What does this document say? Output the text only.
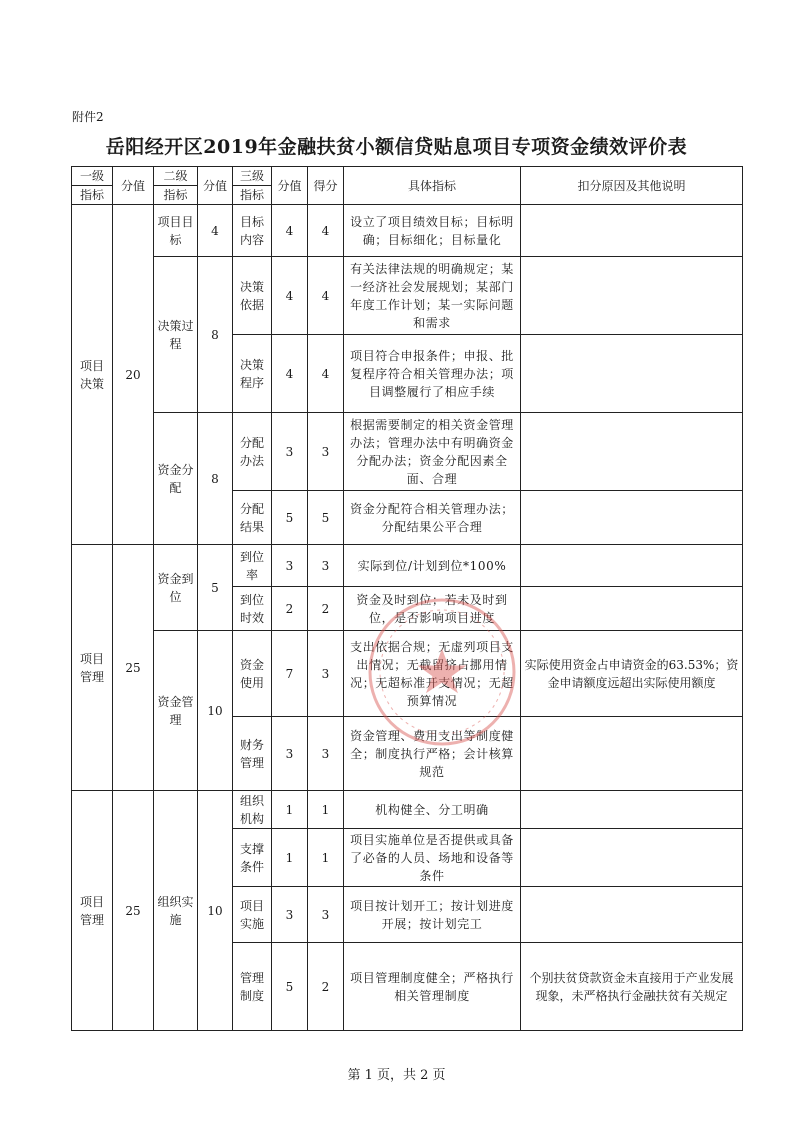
附件2
岳阳经开区2019年金融扶贫小额信贷贴息项目专项资金绩效评价表
一级	分值	二级	分值	三级	分值	得分	具体指标	扣分原因及其他说明
指标		指标		指标				
项目决策	20	项目目标	4	目标内容	4	4	设立了项目绩效目标；目标明确；目标细化；目标量化	
		决策过程	8	决策依据	4	4	有关法律法规的明确规定；某一经济社会发展规划；某部门年度工作计划；某一实际问题和需求	
				决策程序	4	4	项目符合申报条件；申报、批复程序符合相关管理办法；项目调整履行了相应手续	
		资金分配	8	分配办法	3	3	根据需要制定的相关资金管理办法；管理办法中有明确资金分配办法；资金分配因素全面、合理	
				分配结果	5	5	资金分配符合相关管理办法；分配结果公平合理	
项目管理	25	资金到位	5	到位率	3	3	实际到位/计划到位*100%	
				到位时效	2	2	资金及时到位；若未及时到位，是否影响项目进度	
		资金管理	10	资金使用	7	3	支出依据合规；无虚列项目支出情况；无截留挤占挪用情况；无超标准开支情况；无超预算情况	实际使用资金占申请资金的63.53%；资金申请额度远超出实际使用额度
				财务管理	3	3	资金管理、费用支出等制度健全；制度执行严格；会计核算规范	
项目管理	25	组织实施	10	组织机构	1	1	机构健全、分工明确	
				支撑条件	1	1	项目实施单位是否提供或具备了必备的人员、场地和设备等条件	
				项目实施	3	3	项目按计划开工；按计划进度开展；按计划完工	
				管理制度	5	2	项目管理制度健全；严格执行相关管理制度	个别扶贫贷款资金未直接用于产业发展现象，未严格执行金融扶贫有关规定
第 1 页，共 2 页
